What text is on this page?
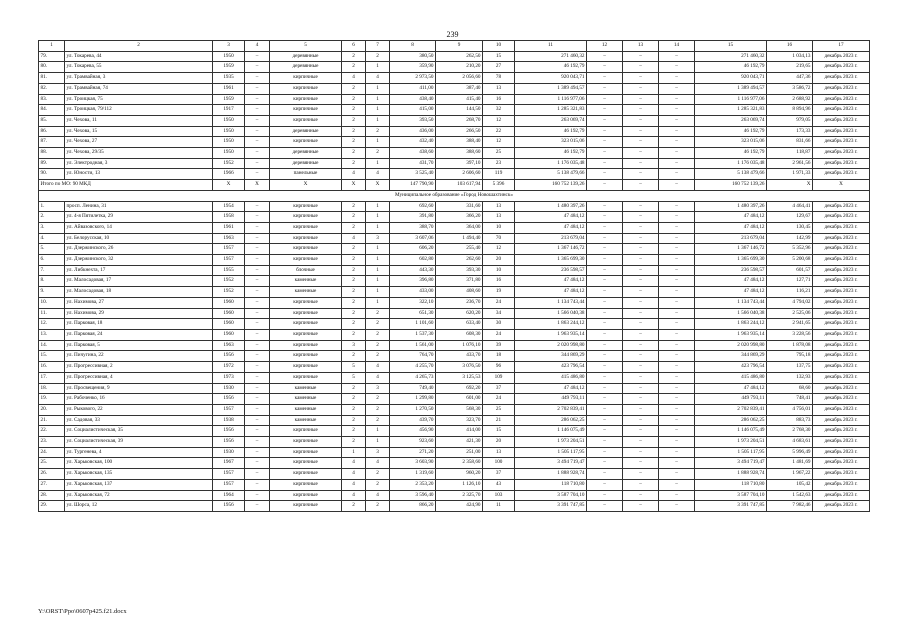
239
1	2	3	4	5	6	7	8	9	10	11	12	13	14	15	16	17
79.	ул. Токарева, 44	1950	–	деревянные	2	2	380,50	262,50	15	271 460,32	–	–	–	271 460,32	1 034,13	декабрь 2023 г.
80.	ул. Токарева, 55	1959	–	деревянные	2	1	359,90	210,20	27	46 192,79	–	–	–	46 192,79	219,65	декабрь 2023 г.
81.	ул. Трамвайная, 3	1935	–	кирпичные	4	4	2 973,50	2 056,60	78	920 043,71	–	–	–	920 043,71	447,36	декабрь 2023 г.
82.	ул. Трамвайная, 74	1961	–	кирпичные	2	1	411,00	387,40	13	1 389 494,57	–	–	–	1 389 494,57	3 586,72	декабрь 2023 г.
83.	ул. Троицкая, 75	1959	–	кирпичные	2	1	438,40	415,40	16	1 116 977,06	–	–	–	1 116 977,06	2 688,92	декабрь 2023 г.
84.	ул. Троицкая, 79/112	1917	–	кирпичные	2	1	415,00	144,50	32	1 285 321,83	–	–	–	1 285 321,83	8 894,96	декабрь 2023 г.
85.	ул. Чехова, 11	1950	–	кирпичные	2	1	393,50	268,70	12	263 069,74	–	–	–	263 069,74	979,05	декабрь 2023 г.
86.	ул. Чехова, 15	1950	–	деревянные	2	2	436,00	266,50	22	46 192,79	–	–	–	46 192,79	173,33	декабрь 2023 г.
87.	ул. Чехова, 27	1950	–	кирпичные	2	1	432,40	388,40	12	323 015,06	–	–	–	323 015,06	831,66	декабрь 2023 г.
88.	ул. Чехова, 29/35	1950	–	деревянные	2	2	438,60	388,60	25	46 192,79	–	–	–	46 192,79	118,87	декабрь 2023 г.
89.	ул. Электродная, 3	1952	–	деревянные	2	1	431,70	397,10	23	1 176 035,48	–	–	–	1 176 035,48	2 961,56	декабрь 2023 г.
90.	ул. Юности, 13	1966	–	панельные	4	4	3 525,40	2 606,60	119	5 138 479,66	–	–	–	5 138 479,66	1 971,33	декабрь 2023 г.
Итого по МО: 90 МКД		X	X	X	X	X	147 790,90	103 617,94	5 396	160 752 139,26	–	–	–	160 752 139,26	X	X
Муниципальное образование «Город Новошахтинск»																
1.	просп. Ленина, 31	1954	–	кирпичные	2	1	692,60	331,60	13	1 480 397,26	–	–	–	1 480 397,26	4 464,41	декабрь 2023 г.
2.	ул. 4-я Пятилетка, 29	1958	–	кирпичные	2	1	391,80	366,20	13	47 484,12	–	–	–	47 484,12	129,67	декабрь 2023 г.
3.	ул. Айвазовского, 14	1961	–	кирпичные	2	1	388,70	364,00	10	47 484,12	–	–	–	47 484,12	130,45	декабрь 2023 г.
4.	ул. Белорусская, 10	1963	–	кирпичные	4	3	3 607,06	1 494,40	70	213 679,04	–	–	–	213 679,04	142,99	декабрь 2023 г.
5.	ул. Дзержинского, 26	1957	–	кирпичные	2	1	606,20	255,40	12	1 367 146,72	–	–	–	1 367 146,72	5 352,96	декабрь 2023 г.
6.	ул. Дзержинского, 32	1957	–	кирпичные	2	1	602,80	262,60	20	1 365 699,30	–	–	–	1 365 699,30	5 200,68	декабрь 2023 г.
7.	ул. Либкнехта, 17	1955	–	блочные	2	1	443,30	393,30	10	236 598,57	–	–	–	236 598,57	601,57	декабрь 2023 г.
8.	ул. Малосадовая, 17	1952	–	каменные	2	1	396,80	371,80	16	47 484,12	–	–	–	47 484,12	127,71	декабрь 2023 г.
9.	ул. Малосадовая, 18	1952	–	каменные	2	1	433,00	408,60	19	47 484,12	–	–	–	47 484,12	116,21	декабрь 2023 г.
10.	ул. Нахимова, 27	1960	–	кирпичные	2	1	322,10	236,70	24	1 134 743,44	–	–	–	1 134 743,44	4 794,02	декабрь 2023 г.
11.	ул. Нахимова, 29	1960	–	кирпичные	2	2	651,30	620,20	34	1 566 040,38	–	–	–	1 566 040,38	2 525,06	декабрь 2023 г.
12.	ул. Парковая, 18	1960	–	кирпичные	2	2	1 101,60	633,40	30	1 863 244,12	–	–	–	1 863 244,12	2 941,65	декабрь 2023 г.
13.	ул. Парковая, 24	1960	–	кирпичные	2	2	1 537,30	608,30	24	1 963 935,14	–	–	–	1 963 935,14	3 228,56	декабрь 2023 г.
14.	ул. Парковая, 5	1963	–	кирпичные	3	2	1 561,00	1 076,10	39	2 020 998,80	–	–	–	2 020 998,80	1 878,08	декабрь 2023 г.
15.	ул. Пичугина, 22	1956	–	кирпичные	2	2	764,70	433,70	18	344 869,29	–	–	–	344 869,29	795,18	декабрь 2023 г.
16.	ул. Прогрессивная, 2	1972	–	кирпичные	5	4	4 255,70	3 076,50	96	423 796,54	–	–	–	423 796,54	137,75	декабрь 2023 г.
17.	ул. Прогрессивная, 4	1973	–	кирпичные	5	4	4 265,73	3 125,53	109	415 486,80	–	–	–	415 486,80	132,93	декабрь 2023 г.
18.	ул. Просвещения, 9	1930	–	каменные	2	3	749,40	692,20	37	47 484,12	–	–	–	47 484,12	68,60	декабрь 2023 г.
19.	ул. Рабоченко, 16	1956	–	каменные	2	2	1 299,80	601,00	24	449 793,11	–	–	–	449 793,11	748,41	декабрь 2023 г.
20.	ул. Рыкового, 22	1957	–	каменные	2	2	1 270,50	568,30	25	2 702 839,41	–	–	–	2 702 839,41	4 756,01	декабрь 2023 г.
21.	ул. Садовая, 33	1938	–	каменные	2	2	439,70	323,70	21	286 062,25	–	–	–	286 062,25	883,73	декабрь 2023 г.
22.	ул. Социалистическая, 35	1956	–	кирпичные	2	1	456,90	414,00	15	1 146 075,49	–	–	–	1 146 075,49	2 768,30	декабрь 2023 г.
23.	ул. Социалистическая, 39	1956	–	кирпичные	2	1	923,60	421,30	20	1 973 204,51	–	–	–	1 973 204,51	4 683,61	декабрь 2023 г.
24.	ул. Тургенева, 4	1930	–	кирпичные	1	3	271,20	251,00	13	1 505 117,95	–	–	–	1 505 117,95	5 996,49	декабрь 2023 г.
25.	ул. Харьковская, 100	1967	–	кирпичные	4	4	3 603,90	2 358,60	100	3 494 719,47	–	–	–	3 494 719,47	1 481,69	декабрь 2023 г.
26.	ул. Харьковская, 135	1957	–	кирпичные	4	2	1 319,60	960,20	37	1 888 928,74	–	–	–	1 888 928,74	1 967,22	декабрь 2023 г.
27.	ул. Харьковская, 137	1957	–	кирпичные	4	2	2 353,20	1 126,10	43	118 710,80	–	–	–	118 710,80	105,42	декабрь 2023 г.
28.	ул. Харьковская, 72	1964	–	кирпичные	4	4	3 596,40	2 325,70	103	3 587 704,10	–	–	–	3 587 704,10	1 542,63	декабрь 2023 г.
29.	ул. Шорса, 12	1956	–	кирпичные	2	2	866,20	424,90	11	3 391 747,85	–	–	–	3 391 747,85	7 982,46	декабрь 2023 г.
Y:\ORST\Ppo\0607p425.f21.docx
